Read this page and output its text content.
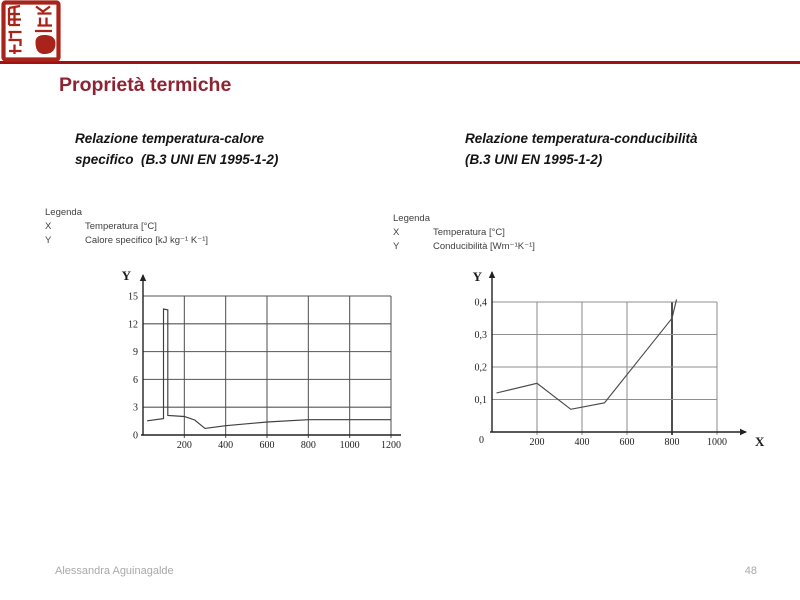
Proprietà termiche
Relazione temperatura-calore
specifico  (B.3 UNI EN 1995-1-2)
Legenda
X	Temperatura [°C]
Y	Calore specifico [kJ kg⁻¹ K⁻¹]
200	400	600	800 1000 1200
0
3
6
9
12
15
Y
Relazione temperatura-conducibilità
(B.3 UNI EN 1995-1-2)
Legenda
X	Temperatura [°C]
Y	Conducibilità [Wm⁻¹K⁻¹]
0	200	400	600	800	1000
0,1
0,2
0,3
0,4
Y
X
Alessandra Aguinagalde	48
